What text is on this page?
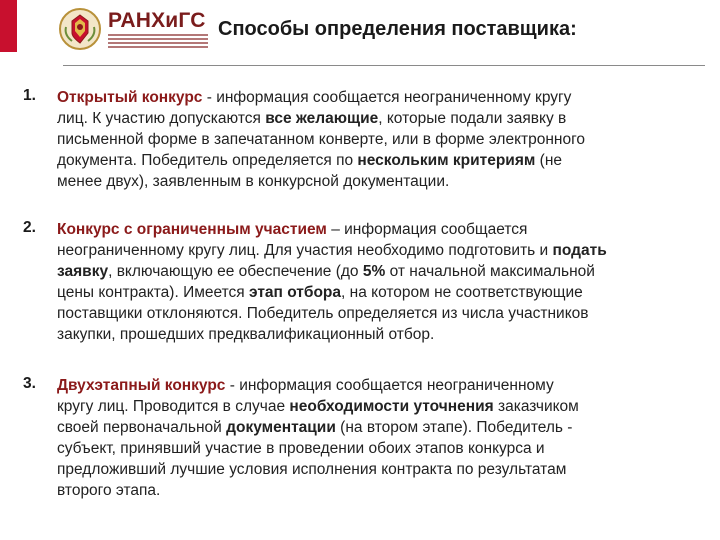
РАНХиГС Способы определения поставщика:
1. Открытый конкурс - информация сообщается неограниченному кругу
лиц. К участию допускаются все желающие, которые подали заявку в
письменной форме в запечатанном конверте, или в форме электронного
документа. Победитель определяется по нескольким критериям (не
менее двух), заявленным в конкурсной документации.
2. Конкурс с ограниченным участием – информация сообщается
неограниченному кругу лиц. Для участия необходимо подготовить и подать
заявку, включающую ее обеспечение (до 5% от начальной максимальной
цены контракта). Имеется этап отбора, на котором не соответствующие
поставщики отклоняются. Победитель определяется из числа участников
закупки, прошедших предквалификационный отбор.
3. Двухэтапный конкурс - информация сообщается неограниченному
кругу лиц. Проводится в случае необходимости уточнения заказчиком
своей первоначальной документации (на втором этапе). Победитель -
субъект, принявший участие в проведении обоих этапов конкурса и
предложивший лучшие условия исполнения контракта по результатам
второго этапа.
